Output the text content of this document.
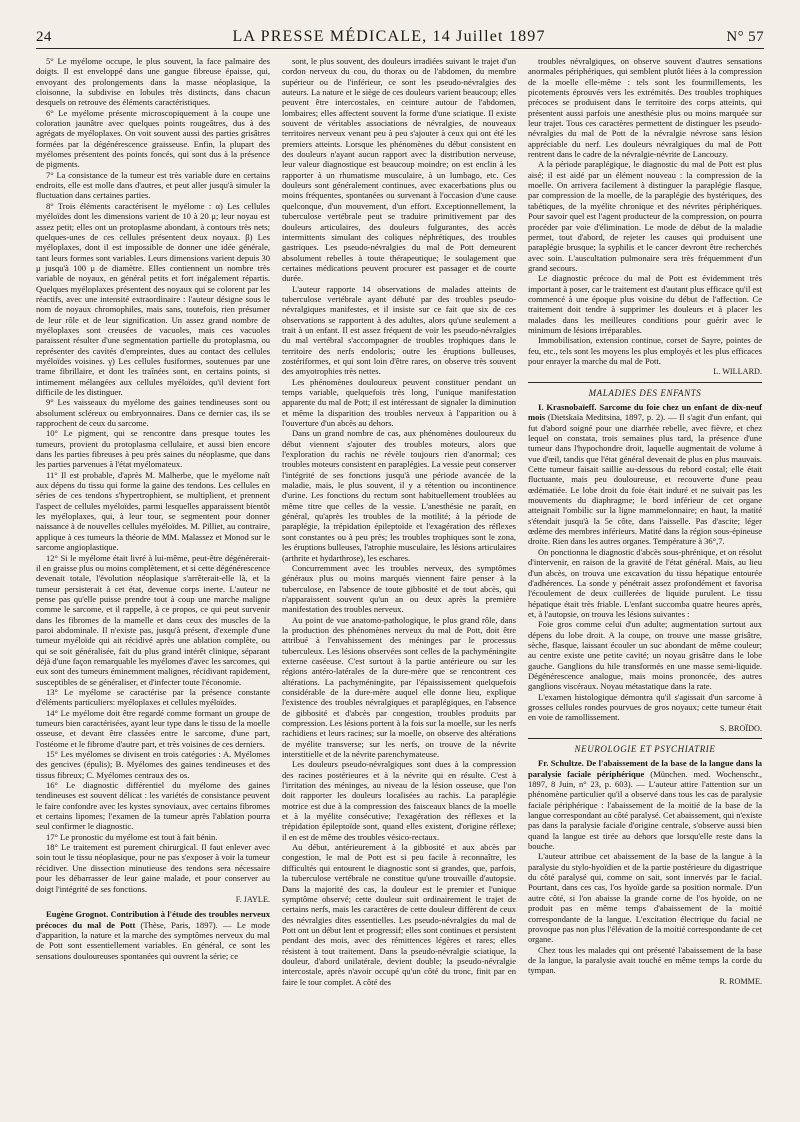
24	LA PRESSE MÉDICALE, 14 Juillet 1897	N° 57

5° Le myélome occupe, le plus souvent, la face palmaire des doigts. Il est enveloppé dans une gangue fibreuse épaisse, qui, envoyant des prolongements dans la masse néoplasique, la cloisonne, la subdivise en lobules très distincts, dans chacun desquels on retrouve des éléments caractéristiques.

6° Le myélome présente microscopiquement à la coupe une coloration jaunâtre avec quelques points rougeâtres, dus à des agrégats de myéloplaxes. On voit souvent aussi des parties grisâtres formées par la dégénérescence graisseuse. Enfin, la plupart des myélomes présentent des points foncés, qui sont dus à la présence de pigments.

7° La consistance de la tumeur est très variable dure en certains endroits, elle est molle dans d'autres, et peut aller jusqu'à simuler la fluctuation dans certaines parties.

8° Trois éléments caractérisent le myélome : α) Les cellules myéloïdes dont les dimensions varient de 10 à 20 μ; leur noyau est assez petit; elles ont un protoplasme abondant, à contours très nets; quelques-unes de ces cellules présentent deux noyaux. β) Les myéloplaxes, dont il est impossible de donner une idée générale, tant leurs formes sont variables. Leurs dimensions varient depuis 30 μ jusqu'à 100 μ de diamètre. Elles contiennent un nombre très variable de noyaux, en général petits et fort inégalement répartis. Quelques myéloplaxes présentent des noyaux qui se colorent par les réactifs, avec une intensité extraordinaire : l'auteur désigne sous le nom de noyaux chromophiles, mais sans, toutefois, rien présumer de leur rôle et de leur signification. Un assez grand nombre de myéloplaxes sont creusées de vacuoles, mais ces vacuoles paraissent résulter d'une segmentation partielle du protoplasma, ou représenter des cavités d'empreintes, dues au contact des cellules myéloïdes voisines. γ) Les cellules fusiformes, soutenues par une trame fibrillaire, et dont les traînées sont, en certains points, si intimement mélangées aux cellules myéloïdes, qu'il devient fort difficile de les distinguer.

9° Les vaisseaux du myélome des gaines tendineuses sont ou absolument scléreux ou embryonnaires. Dans ce dernier cas, ils se rapprochent de ceux du sarcome.

10° Le pigment, qui se rencontre dans presque toutes les tumeurs, provient du protoplasma cellulaire, et aussi bien encore dans les parties fibreuses à peu près saines du néoplasme, que dans les parties parvenues à l'état myélomateux.

11° Il est probable, d'après M. Malherbe, que le myélome naît aux dépens du tissu qui forme la gaine des tendons. Les cellules en séries de ces tendons s'hypertrophient, se multiplient, et prennent l'aspect de cellules myéloïdes, parmi lesquelles apparaissent bientôt les myéloplaxes, qui, à leur tour, se segmentent pour donner naissance à de nouvelles cellules myéloïdes. M. Pilliet, au contraire, applique à ces tumeurs la théorie de MM. Malassez et Monod sur le sarcome angioplastique.

12° Si le myélome était livré à lui-même, peut-être dégénérerait-il en graisse plus ou moins complètement, et si cette dégénérescence devenait totale, l'évolution néoplasique s'arrêterait-elle là, et la tumeur persisterait à cet état, devenue corps inerte. L'auteur ne pense pas qu'elle puisse prendre tout à coup une marche maligne comme le sarcome, et il rappelle, à ce propos, ce qui peut survenir dans les fibromes de la mamelle et dans ceux des muscles de la paroi abdominale. Il n'existe pas, jusqu'à présent, d'exemple d'une tumeur myéloïde qui ait récidivé après une ablation complète, ou qui se soit généralisée, fait du plus grand intérêt clinique, séparant déjà d'une façon remarquable les myélomes d'avec les sarcomes, qui eux sont des tumeurs éminemment malignes, récidivant rapidement, susceptibles de se généraliser, et d'infecter toute l'économie.

13° Le myélome se caractérise par la présence constante d'éléments particuliers: myéloplaxes et cellules myéloïdes.

14° Le myélome doit être regardé comme formant un groupe de tumeurs bien caractérisées, ayant leur type dans le tissu de la moelle osseuse, et devant être classées entre le sarcome, d'une part, l'ostéome et le fibrome d'autre part, et très voisines de ces derniers.

15° Les myélomes se divisent en trois catégories : A. Myélomes des gencives (épulis); B. Myélomes des gaines tendineuses et des tissus fibreux; C. Myélomes centraux des os.

16° Le diagnostic différentiel du myélome des gaines tendineuses est souvent délicat : les variétés de consistance peuvent le faire confondre avec les kystes synoviaux, avec certains fibromes et certains lipomes; l'examen de la tumeur après l'ablation pourra seul confirmer le diagnostic.

17° Le pronostic du myélome est tout à fait bénin.

18° Le traitement est purement chirurgical. Il faut enlever avec soin tout le tissu néoplasique, pour ne pas s'exposer à voir la tumeur récidiver. Une dissection minutieuse des tendons sera nécessaire pour les débarrasser de leur gaine malade, et pour conserver au doigt l'intégrité de ses fonctions.

F. JAYLE.

Eugène Grognot. Contribution à l'étude des troubles nerveux précoces du mal de Pott (Thèse, Paris, 1897). — Le mode d'apparition, la nature et la marche des symptômes nerveux du mal de Pott sont essentiellement variables. En général, ce sont les sensations douloureuses spontanées qui ouvrent la série; ce

sont, le plus souvent, des douleurs irradiées suivant le trajet d'un cordon nerveux du cou, du thorax ou de l'abdomen, du membre supérieur ou de l'inférieur, ce sont les pseudo-névralgies des auteurs. La nature et le siège de ces douleurs varient beaucoup; elles peuvent être intercostales, en ceinture autour de l'abdomen, lombaires; elles affectent souvent la forme d'une sciatique. Il existe souvent de véritables associations de névralgies, de nouveaux territoires nerveux venant peu à peu s'ajouter à ceux qui ont été les premiers atteints. Lorsque les phénomènes du début consistent en des douleurs n'ayant aucun rapport avec la distribution nerveuse, leur valeur diagnostique est beaucoup moindre; on est enclin à les rapporter à un rhumatisme musculaire, à un lumbago, etc. Ces douleurs sont généralement continues, avec exacerbations plus ou moins fréquentes, spontanées ou survenant à l'occasion d'une cause quelconque, d'un mouvement, d'un effort. Exceptionnellement, la tuberculose vertébrale peut se traduire primitivement par des douleurs articulaires, des douleurs fulgurantes, des accès intermittents simulant des coliques néphrétiques, des troubles gastriques. Les pseudo-névralgies du mal de Pott demeurent absolument rebelles à toute thérapeutique; le soulagement que certaines médications peuvent procurer est passager et de courte durée.

L'auteur rapporte 14 observations de malades atteints de tuberculose vertébrale ayant débuté par des troubles pseudo-névralgiques manifestes, et il insiste sur ce fait que six de ces observations se rapportent à des adultes, alors qu'une seulement a trait à un enfant. Il est assez fréquent de voir les pseudo-névralgies du mal vertébral s'accompagner de troubles trophiques dans le territoire des nerfs endoloris; outre les éruptions bulleuses, zostériformes, et qui sont loin d'être rares, on observe très souvent des amyotrophies très nettes.

Les phénomènes douloureux peuvent constituer pendant un temps variable, quelquefois très long, l'unique manifestation apparente du mal de Pott; il est intéressant de signaler la diminution et même la disparition des troubles nerveux à l'apparition ou à l'ouverture d'un abcès au dehors.

Dans un grand nombre de cas, aux phénomènes douloureux du début viennent s'ajouter des troubles moteurs, alors que l'exploration du rachis ne révèle toujours rien d'anormal; ces troubles moteurs consistent en paraplégies. La vessie peut conserver l'intégrité de ses fonctions jusqu'à une période avancée de la maladie, mais, le plus souvent, il y a rétention ou incontinence d'urine. Les fonctions du rectum sont habituellement troublées au même titre que celles de la vessie. L'anesthésie ne paraît, en général, qu'après les troubles de la motilité; à la période de paraplégie, la trépidation épileptoïde et l'exagération des réflexes sont constantes ou à peu près; les troubles trophiques sont le zona, les éruptions bulleuses, l'atrophie musculaire, les lésions articulaires (arthrite et hydarthrose), les eschares.

Concurremment avec les troubles nerveux, des symptômes généraux plus ou moins marqués viennent faire penser à la tuberculose, en l'absence de toute gibbosité et de tout abcès, qui n'apparaissent souvent qu'un an ou deux après la première manifestation des troubles nerveux.

Au point de vue anatomo-pathologique, le plus grand rôle, dans la production des phénomènes nerveux du mal de Pott, doit être attribué à l'envahissement des méninges par le processus tuberculeux. Les lésions observées sont celles de la pachyméningite externe caséeuse. C'est surtout à la partie antérieure ou sur les régions antéro-latérales de la dure-mère que se rencontrent ces altérations. La pachyméningite, par l'épaississement quelquefois considérable de la dure-mère auquel elle donne lieu, explique l'existence des troubles névralgiques et paraplégiques, en l'absence de gibbosité et d'abcès par congestion, troubles produits par compression. Les lésions portent à la fois sur la moelle, sur les nerfs rachidiens et leurs racines; sur la moelle, on observe des altérations de myélite transverse; sur les nerfs, on trouve de la névrite interstitielle et de la névrite parenchymateuse.

Les douleurs pseudo-névralgiques sont dues à la compression des racines postérieures et à la névrite qui en résulte. C'est à l'irritation des méninges, au niveau de la lésion osseuse, que l'on doit rapporter les douleurs localisées au rachis. La paraplégie motrice est due à la compression des faisceaux blancs de la moelle et à la myélite consécutive; l'exagération des réflexes et la trépidation épileptoïde sont, quand elles existent, d'origine réflexe; il en est de même des troubles vésico-rectaux.

Au début, antérieurement à la gibbosité et aux abcès par congestion, le mal de Pott est si peu facile à reconnaître, les difficultés qui entourent le diagnostic sont si grandes, que, parfois, la tuberculose vertébrale ne constitue qu'une trouvaille d'autopsie. Dans la majorité des cas, la douleur est le premier et l'unique symptôme observé; cette douleur suit ordinairement le trajet de certains nerfs, mais les caractères de cette douleur diffèrent de ceux des névralgies dites essentielles. Les pseudo-névralgies du mal de Pott ont un début lent et progressif; elles sont continues et persistent pendant des mois, avec des rémittences légères et rares; elles résistent à tout traitement. Dans la pseudo-névralgie sciatique, la douleur, d'abord unilatérale, devient double; la pseudo-névralgie intercostale, après n'avoir occupé qu'un côté du tronc, finit par en faire le tour complet. A côté des

troubles névralgiques, on observe souvent d'autres sensations anormales périphériques, qui semblent plutôt liées à la compression de la moelle elle-même : tels sont les fourmillements, les picotements éprouvés vers les extrémités. Des troubles trophiques précoces se produisent dans le territoire des corps atteints, qui présentent aussi parfois une anesthésie plus ou moins marquée sur leur trajet. Tous ces caractères permettent de distinguer les pseudo-névralgies du mal de Pott de la névralgie névrose sans lésion appréciable du nerf. Les douleurs névralgiques du mal de Pott rentrent dans le cadre de la névralgie-névrite de Lancouzy.

A la période paraplégique, le diagnostic du mal de Pott est plus aisé; il est aidé par un élément nouveau : la compression de la moelle. On arrivera facilement à distinguer la paraplégie flasque, par compression de la moelle, de la paraplégie des hystériques, des tabétiques, de la myélite chronique et des névrites périphériques. Pour savoir quel est l'agent producteur de la compression, on pourra procéder par voie d'élimination. Le mode de début de la maladie permet, tout d'abord, de rejeter les causes qui produisent une paraplégie brusque; la syphilis et le cancer devront être recherchés avec soin. L'auscultation pulmonaire sera très fréquemment d'un grand secours.

Le diagnostic précoce du mal de Pott est évidemment très important à poser, car le traitement est d'autant plus efficace qu'il est commencé à une époque plus voisine du début de l'affection. Ce traitement doit tendre à supprimer les douleurs et à placer les malades dans les meilleures conditions pour guérir avec le minimum de lésions irréparables.

Immobilisation, extension continue, corset de Sayre, pointes de feu, etc., tels sont les moyens les plus employés et les plus efficaces pour enrayer la marche du mal de Pott.

L. WILLARD.
MALADIES DES ENFANTS

I. Krasnobaïeff. Sarcome du foie chez un enfant de dix-neuf mois (Dietskaïa Meditsina, 1897, p. 2). — Il s'agit d'un enfant, qui fut d'abord soigné pour une diarrhée rebelle, avec fièvre, et chez lequel on constata, trois semaines plus tard, la présence d'une tumeur dans l'hypochondre droit, laquelle augmentait de volume à vue d'œil, tandis que l'état général devenait de plus en plus mauvais. Cette tumeur faisait saillie au-dessous du rebord costal; elle était fluctuante, mais peu douloureuse, et recouverte d'une peau œdématiée. Le lobe droit du foie était induré et ne suivait pas les mouvements du diaphragme; le bord inférieur de cet organe atteignait l'ombilic sur la ligne mammelonnaire; en haut, la matité s'étendait jusqu'à la 5e côte, dans l'aisselle. Pas d'ascite; léger œdème des membres inférieurs. Matité dans la région sous-épineuse droite. Rien dans les autres organes. Température à 36°,7.

On ponctionna le diagnostic d'abcès sous-phrénique, et on résolut d'intervenir, en raison de la gravité de l'état général. Mais, au lieu d'un abcès, on trouva une excavation du tissu hépatique entourée d'adhérences. La sonde y pénétrait assez profondément et favorisa l'écoulement de deux cuillerées de liquide purulent. Le tissu hépatique était très friable. L'enfant succomba quatre heures après, et, à l'autopsie, on trouva les lésions suivantes :

Foie gros comme celui d'un adulte; augmentation surtout aux dépens du lobe droit. A la coupe, on trouve une masse grisâtre, sèche, flasque, laissant écouler un suc abondant de même couleur; au centre existe une petite cavité; un noyau grisâtre dans le lobe gauche. Ganglions du hile transformés en une masse semi-liquide. Dégénérescence analogue, mais moins prononcée, des autres ganglions viscéraux. Noyau métastatique dans la rate.

L'examen histologique démontra qu'il s'agissait d'un sarcome à grosses cellules rondes pourvues de gros noyaux; cette tumeur était en voie de ramollissement.

S. BROÏDO.
NEUROLOGIE ET PSYCHIATRIE

Fr. Schultze. De l'abaissement de la base de la langue dans la paralysie faciale périphérique (München. med. Wochenschr., 1897, 8 Juin, n° 23, p. 603). — L'auteur attire l'attention sur un phénomène particulier qu'il a observé dans tous les cas de paralysie faciale périphérique : l'abaissement de la moitié de la base de la langue correspondant au côté paralysé. Cet abaissement, qui n'existe pas dans la paralysie faciale d'origine centrale, s'observe aussi bien quand la langue est tirée au dehors que lorsqu'elle reste dans la bouche.

L'auteur attribue cet abaissement de la base de la langue à la paralysie du stylo-hyoïdien et de la partie postérieure du digastrique du côté paralysé qui, comme on sait, sont innervés par le facial. Pourtant, dans ces cas, l'os hyoïde garde sa position normale. D'un autre côté, si l'on abaisse la grande corne de l'os hyoïde, on ne produit pas en même temps d'abaissement de la moitié correspondante de la langue. L'excitation électrique du facial ne provoque pas non plus l'élévation de la moitié correspondante de cet organe.

Chez tous les malades qui ont présenté l'abaissement de la base de la langue, la paralysie avait touché en même temps la corde du tympan.

R. ROMME.
